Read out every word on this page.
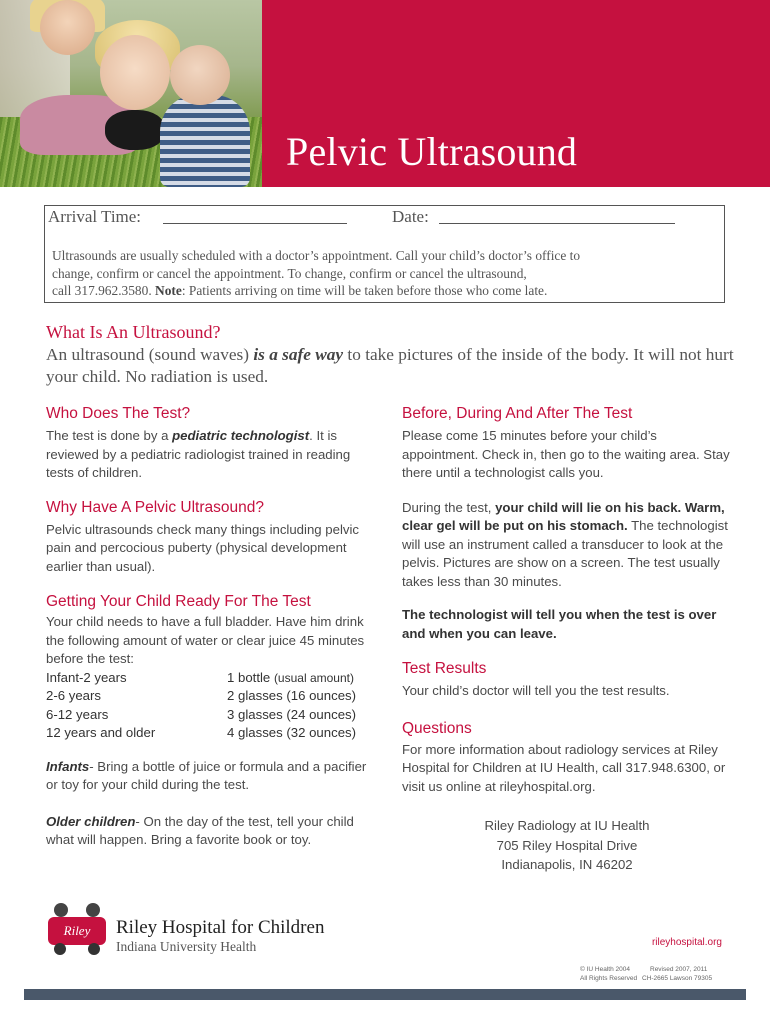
Pelvic Ultrasound
Arrival Time:	Date:
Ultrasounds are usually scheduled with a doctor’s appointment. Call your child’s doctor’s office to
change, confirm or cancel the appointment. To change, confirm or cancel the ultrasound,
call 317.962.3580. Note: Patients arriving on time will be taken before those who come late.
What Is An Ultrasound?
An ultrasound (sound waves) is a safe way to take pictures of the inside of the body. It will not hurt your child. No radiation is used.
Who Does The Test?

The test is done by a pediatric technologist. It is reviewed by a pediatric radiologist trained in reading tests of children.

Why Have A Pelvic Ultrasound?

Pelvic ultrasounds check many things including pelvic pain and percocious puberty (physical development earlier than usual).

Getting Your Child Ready For The Test

Your child needs to have a full bladder. Have him drink the following amount of water or clear juice 45 minutes before the test:

Infant-2 years	1 bottle (usual amount)
2-6 years	2 glasses (16 ounces)
6-12 years	3 glasses (24 ounces)
12 years and older	4 glasses (32 ounces)

Infants- Bring a bottle of juice or formula and a pacifier or toy for your child during the test.

Older children- On the day of the test, tell your child what will happen. Bring a favorite book or toy.

Before, During And After The Test

Please come 15 minutes before your child’s appointment. Check in, then go to the waiting area. Stay there until a technologist calls you.

During the test, your child will lie on his back. Warm, clear gel will be put on his stomach. The technologist will use an instrument called a transducer to look at the pelvis. Pictures are show on a screen. The test usually takes less than 30 minutes.

The technologist will tell you when the test is over and when you can leave.

Test Results

Your child’s doctor will tell you the test results.

Questions

For more information about radiology services at Riley Hospital for Children at IU Health, call 317.948.6300, or visit us online at rileyhospital.org.

Riley Radiology at IU Health
705 Riley Hospital Drive
Indianapolis, IN 46202
Riley	Riley Hospital for Children
Indiana University Health	rileyhospital.org
© IU Health 2004	Revised 2007, 2011
All Rights Reserved CH-2665 Lawson 79305
